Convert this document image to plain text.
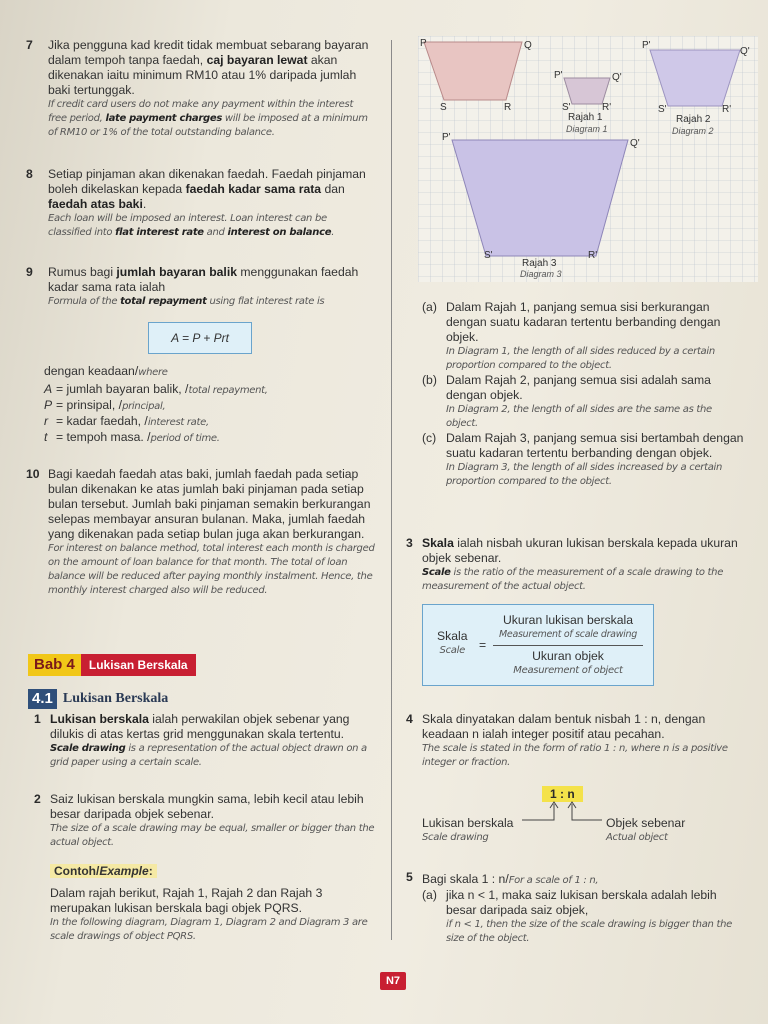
7 Jika pengguna kad kredit tidak membuat sebarang bayaran dalam tempoh tanpa faedah, caj bayaran lewat akan dikenakan iaitu minimum RM10 atau 1% daripada jumlah baki tertunggak.
If credit card users do not make any payment within the interest free period, late payment charges will be imposed at a minimum of RM10 or 1% of the total outstanding balance.
8 Setiap pinjaman akan dikenakan faedah. Faedah pinjaman boleh dikelaskan kepada faedah kadar sama rata dan faedah atas baki.
Each loan will be imposed an interest. Loan interest can be classified into flat interest rate and interest on balance.
9 Rumus bagi jumlah bayaran balik menggunakan faedah kadar sama rata ialah
Formula of the total repayment using flat interest rate is
A = P + Prt
dengan keadaan/where
A = jumlah bayaran balik, /total repayment,
P = prinsipal, /principal,
r = kadar faedah, /interest rate,
t = tempoh masa. /period of time.
10 Bagi kaedah faedah atas baki, jumlah faedah pada setiap bulan dikenakan ke atas jumlah baki pinjaman pada setiap bulan tersebut. Jumlah baki pinjaman semakin berkurangan selepas membayar ansuran bulanan. Maka, jumlah faedah yang dikenakan pada setiap bulan juga akan berkurangan.
For interest on balance method, total interest each month is charged on the amount of loan balance for that month. The total of loan balance will be reduced after paying monthly instalment. Hence, the monthly interest charged also will be reduced.
Bab 4	Lukisan Berskala
4.1 Lukisan Berskala
1 Lukisan berskala ialah perwakilan objek sebenar yang dilukis di atas kertas grid menggunakan skala tertentu.
Scale drawing is a representation of the actual object drawn on a grid paper using a certain scale.
2 Saiz lukisan berskala mungkin sama, lebih kecil atau lebih besar daripada objek sebenar.
The size of a scale drawing may be equal, smaller or bigger than the actual object.
Contoh/Example:
Dalam rajah berikut, Rajah 1, Rajah 2 dan Rajah 3 merupakan lukisan berskala bagi objek PQRS.
In the following diagram, Diagram 1, Diagram 2 and Diagram 3 are scale drawings of object PQRS.
P	Q
R
S
P'	Q'
R'
S'
Rajah 1
Diagram 1
P'
Q'
R'
S'
Rajah 2
Diagram 2
P'
Q'
R'
S'
Rajah 3
Diagram 3
(a) Dalam Rajah 1, panjang semua sisi berkurangan dengan suatu kadaran tertentu berbanding dengan objek.
In Diagram 1, the length of all sides reduced by a certain proportion compared to the object.
(b) Dalam Rajah 2, panjang semua sisi adalah sama dengan objek.
In Diagram 2, the length of all sides are the same as the object.
(c) Dalam Rajah 3, panjang semua sisi bertambah dengan suatu kadaran tertentu berbanding dengan objek.
In Diagram 3, the length of all sides increased by a certain proportion compared to the object.
3 Skala ialah nisbah ukuran lukisan berskala kepada ukuran objek sebenar.
Scale is the ratio of the measurement of a scale drawing to the measurement of the actual object.
Skala
Scale =
Ukuran lukisan berskala
Measurement of scale drawing
Ukuran objek
Measurement of object
4 Skala dinyatakan dalam bentuk nisbah 1 : n, dengan keadaan n ialah integer positif atau pecahan.
The scale is stated in the form of ratio 1 : n, where n is a positive integer or fraction.
1 : n
Lukisan berskala
Scale drawing
Objek sebenar
Actual object
5 Bagi skala 1 : n/For a scale of 1 : n,
(a) jika n < 1, maka saiz lukisan berskala adalah lebih besar daripada saiz objek,
if n < 1, then the size of the scale drawing is bigger than the size of the object.
N7
